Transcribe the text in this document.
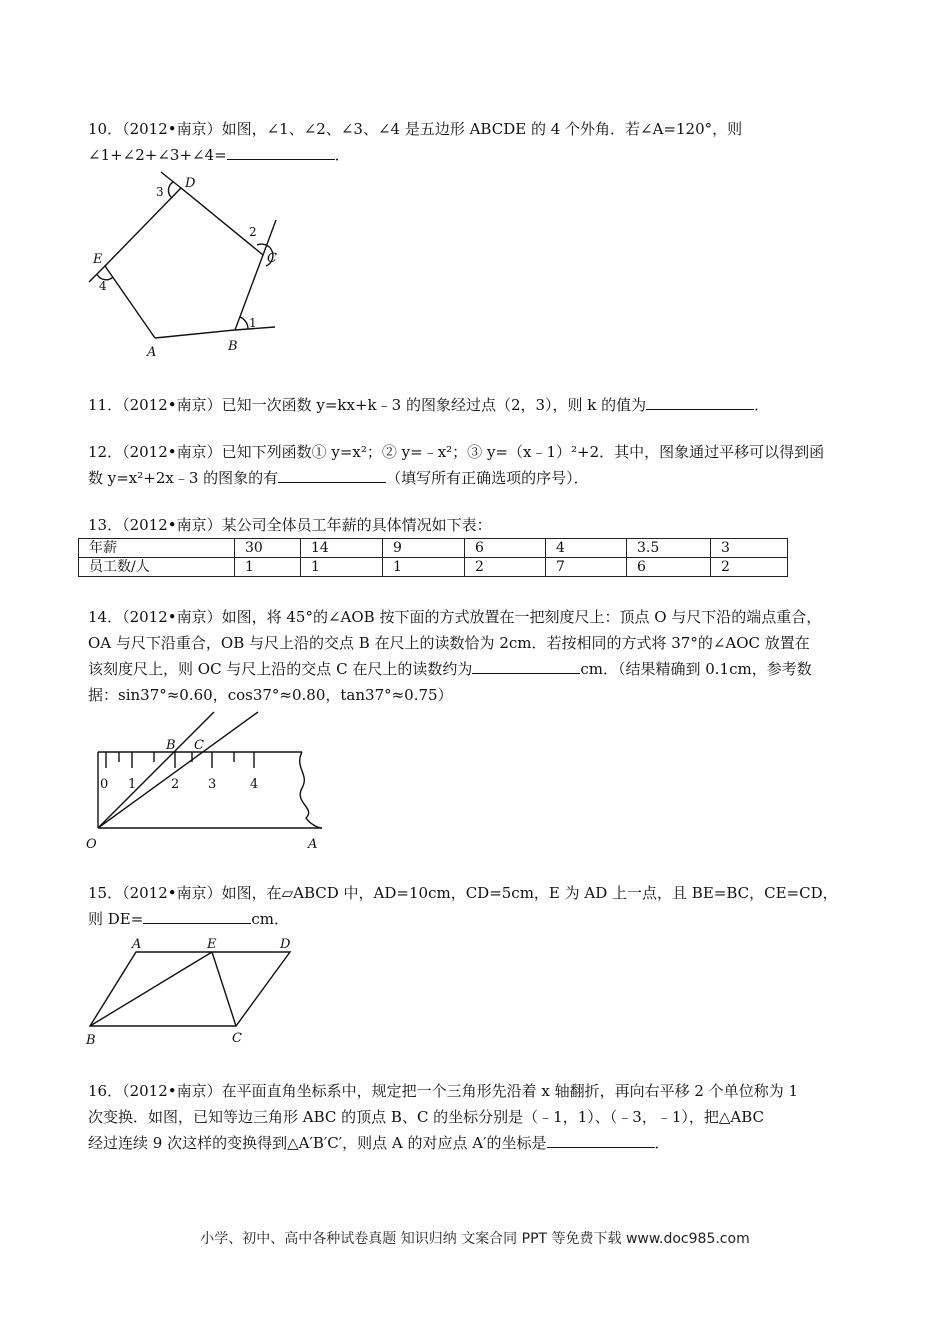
10．（2012•南京）如图，∠1、∠2、∠3、∠4 是五边形 ABCDE 的 4 个外角．若∠A=120°，则
∠1+∠2+∠3+∠4=	．
A	B
C
D
E
1
2
3
4
11．（2012•南京）已知一次函数 y=kx+k﹣3 的图象经过点（2，3），则 k 的值为	．
12．（2012•南京）已知下列函数① y=x²；② y=﹣x²；③ y=（x﹣1）²+2．其中，图象通过平移可以得到函
数 y=x²+2x﹣3 的图象的有	（填写所有正确选项的序号）．
13．（2012•南京）某公司全体员工年薪的具体情况如下表：
年薪	30	14	9	6	4	3.5	3
员工数/人	1	1	1	2	7	6	2
14．（2012•南京）如图，将 45°的∠AOB 按下面的方式放置在一把刻度尺上：顶点 O 与尺下沿的端点重合，
OA 与尺下沿重合，OB 与尺上沿的交点 B 在尺上的读数恰为 2cm．若按相同的方式将 37°的∠AOC 放置在
该刻度尺上，则 OC 与尺上沿的交点 C 在尺上的读数约为	cm．（结果精确到 0.1cm，参考数
据：sin37°≈0.60，cos37°≈0.80，tan37°≈0.75）
0 1	2 3	4
O	A
B C
15．（2012•南京）如图，在▱ABCD 中，AD=10cm，CD=5cm，E 为 AD 上一点，且 BE=BC，CE=CD，
则 DE=	cm．
A	E	D
B	C
16．（2012•南京）在平面直角坐标系中，规定把一个三角形先沿着 x 轴翻折，再向右平移 2 个单位称为 1
次变换．如图，已知等边三角形 ABC 的顶点 B、C 的坐标分别是（﹣1，1）、（﹣3，﹣1），把△ABC
经过连续 9 次这样的变换得到△A′B′C′，则点 A 的对应点 A′的坐标是	．
小学、初中、高中各种试卷真题 知识归纳 文案合同 PPT 等免费下载 www.doc985.com
